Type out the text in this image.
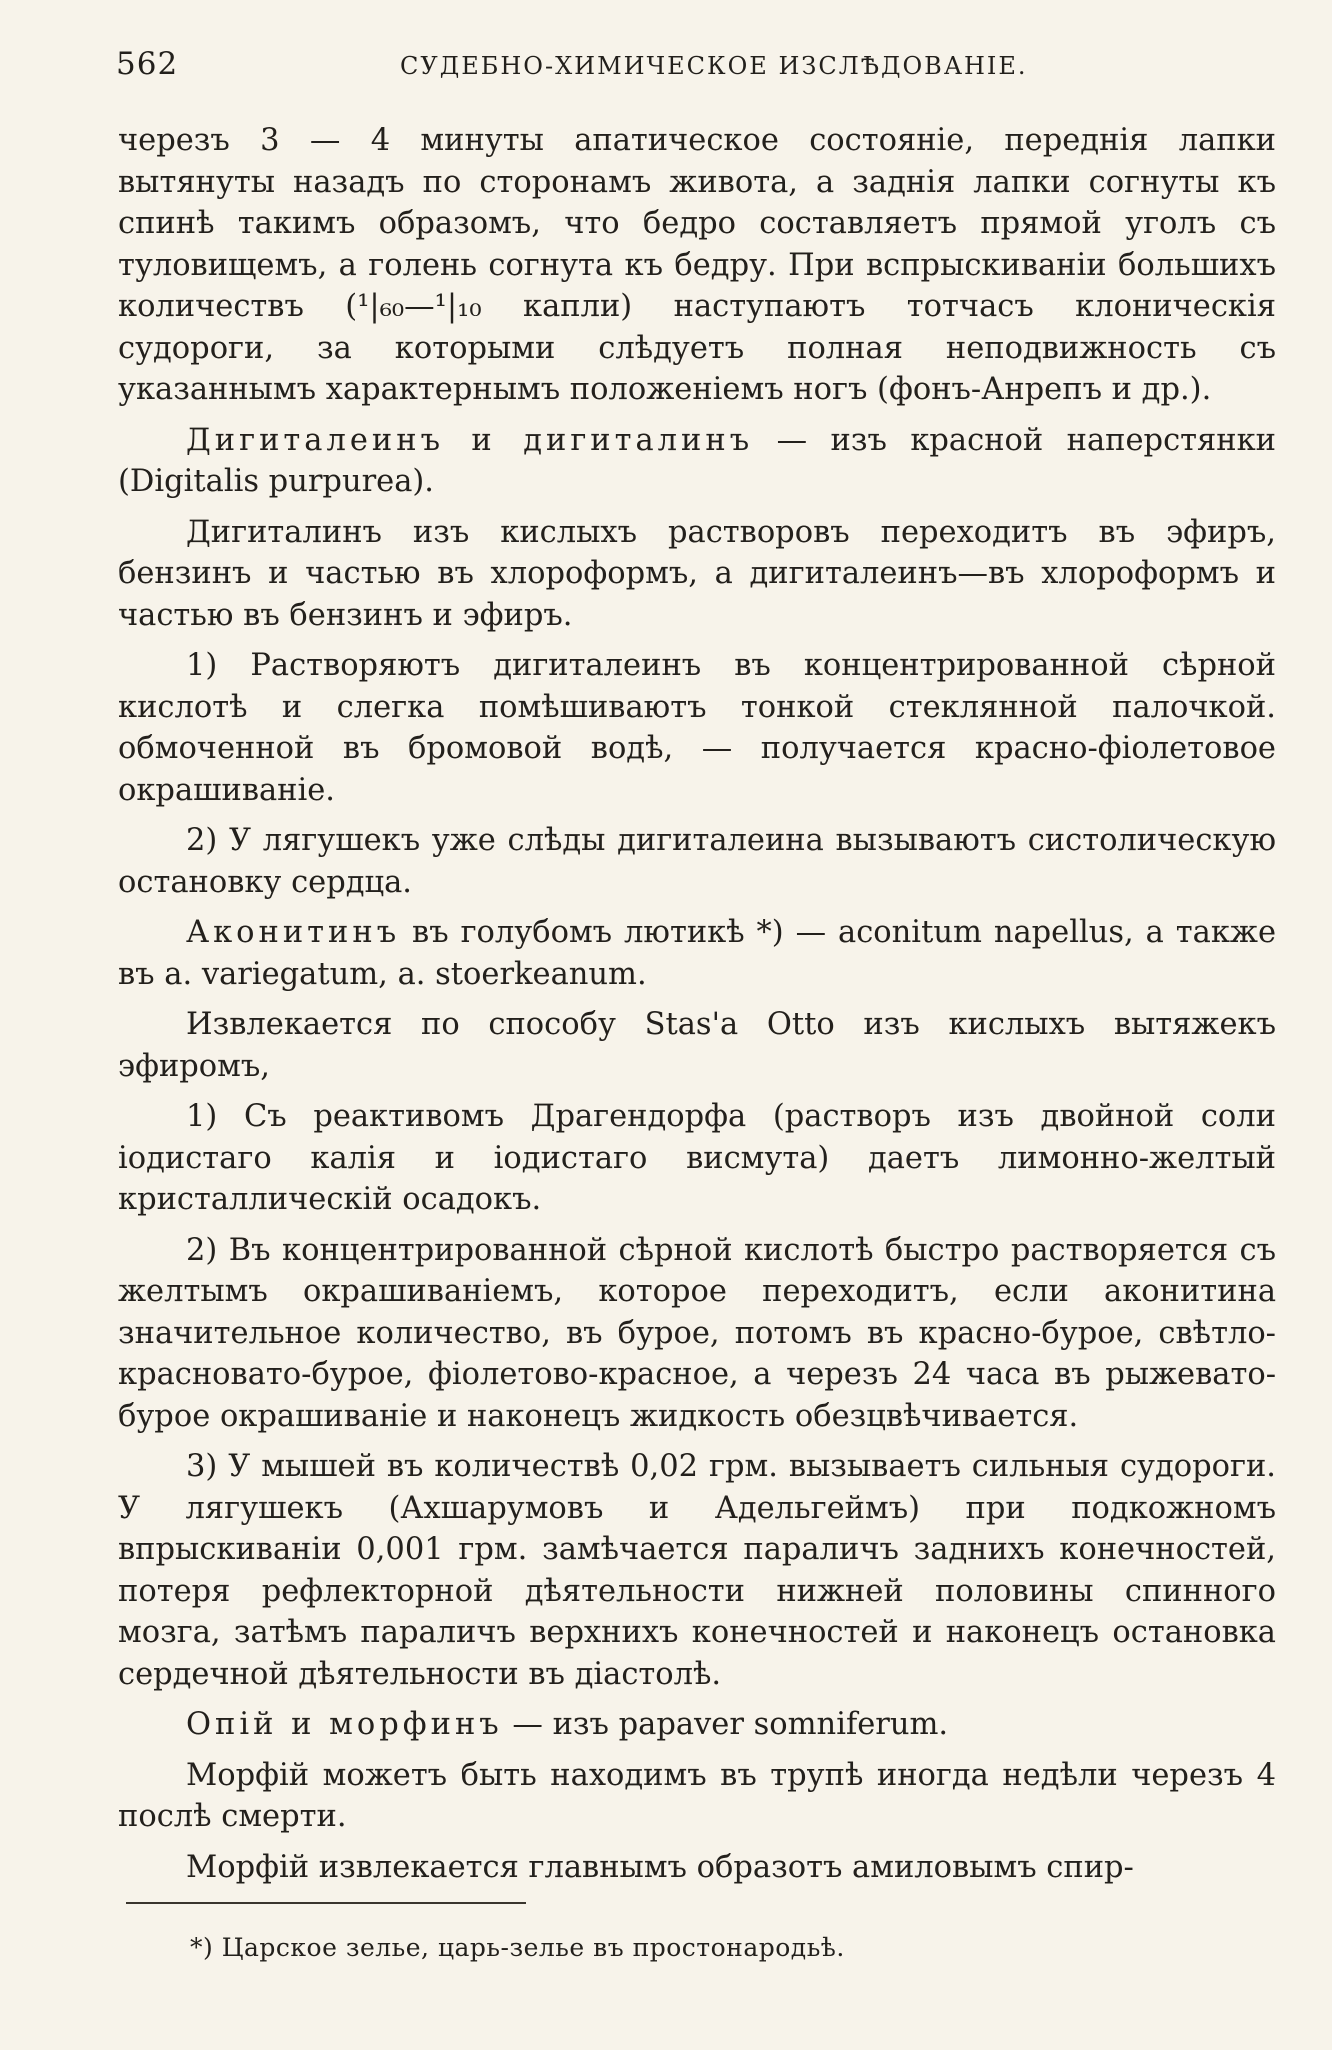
562	СУДЕБНО-ХИМИЧЕСКОЕ ИЗСЛѢДОВАНІЕ.

черезъ 3 — 4 минуты апатическое состояніе, переднія лапки вытянуты назадъ по сторонамъ живота, а заднія лапки согнуты къ спинѣ такимъ образомъ, что бедро составляетъ прямой уголъ съ туловищемъ, а голень согнута къ бедру. При вспрыскиваніи большихъ количествъ (¹|₆₀—¹|₁₀ капли) наступаютъ тотчасъ клоническія судороги, за которыми слѣдуетъ полная неподвижность съ указаннымъ характернымъ положеніемъ ногъ (фонъ-Анрепъ и др.).

Дигиталеинъ и дигиталинъ — изъ красной наперстянки (Digitalis purpurea).

Дигиталинъ изъ кислыхъ растворовъ переходитъ въ эфиръ, бензинъ и частью въ хлороформъ, а дигиталеинъ—въ хлороформъ и частью въ бензинъ и эфиръ.

1) Растворяютъ дигиталеинъ въ концентрированной сѣрной кислотѣ и слегка помѣшиваютъ тонкой стеклянной палочкой. обмоченной въ бромовой водѣ, — получается красно-фіолетовое окрашиваніе.

2) У лягушекъ уже слѣды дигиталеина вызываютъ систолическую остановку сердца.

Аконитинъ въ голубомъ лютикѣ *) — aconitum napellus, а также въ a. variegatum, a. stoerkeanum.

Извлекается по способу Stas'а Otto изъ кислыхъ вытяжекъ эфиромъ,

1) Съ реактивомъ Драгендорфа (растворъ изъ двойной соли іодистаго калія и іодистаго висмута) даетъ лимонно-желтый кристаллическій осадокъ.

2) Въ концентрированной сѣрной кислотѣ быстро растворяется съ желтымъ окрашиваніемъ, которое переходитъ, если аконитина значительное количество, въ бурое, потомъ въ красно-бурое, свѣтло-красновато-бурое, фіолетово-красное, а черезъ 24 часа въ рыжевато-бурое окрашиваніе и наконецъ жидкость обезцвѣчивается.

3) У мышей въ количествѣ 0,02 грм. вызываетъ сильныя судороги. У лягушекъ (Ахшарумовъ и Адельгеймъ) при подкожномъ впрыскиваніи 0,001 грм. замѣчается параличъ заднихъ конечностей, потеря рефлекторной дѣятельности нижней половины спинного мозга, затѣмъ параличъ верхнихъ конечностей и наконецъ остановка сердечной дѣятельности въ діастолѣ.

Опій и морфинъ — изъ papaver somniferum.

Морфій можетъ быть находимъ въ трупѣ иногда недѣли черезъ 4 послѣ смерти.

Морфій извлекается главнымъ образотъ амиловымъ спир-

*) Царское зелье, царь-зелье въ простонародьѣ.
